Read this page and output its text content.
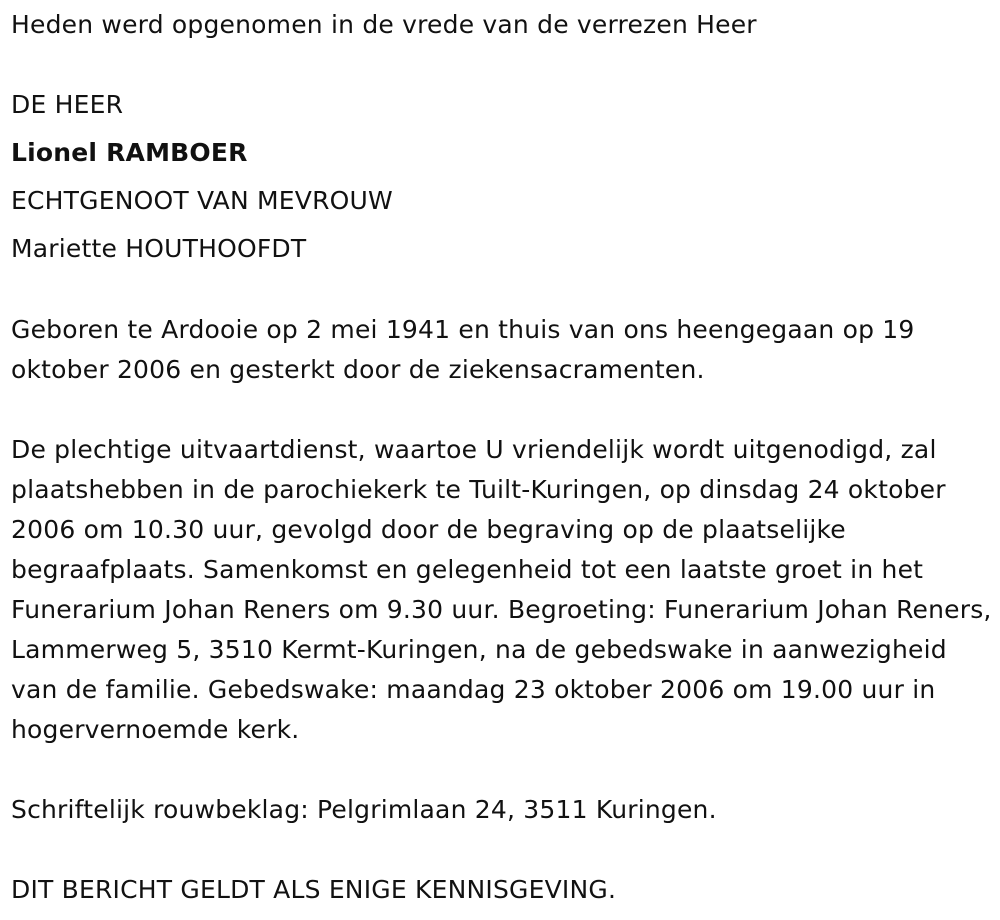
Heden werd opgenomen in de vrede van de verrezen Heer
DE HEER
Lionel RAMBOER
ECHTGENOOT VAN MEVROUW
Mariette HOUTHOOFDT
Geboren te Ardooie op 2 mei 1941 en thuis van ons heengegaan op 19 oktober 2006 en gesterkt door de ziekensacramenten.
De plechtige uitvaartdienst, waartoe U vriendelijk wordt uitgenodigd, zal plaatshebben in de parochiekerk te Tuilt-Kuringen, op dinsdag 24 oktober 2006 om 10.30 uur, gevolgd door de begraving op de plaatselijke begraafplaats. Samenkomst en gelegenheid tot een laatste groet in het Funerarium Johan Reners om 9.30 uur. Begroeting: Funerarium Johan Reners, Lammerweg 5, 3510 Kermt-Kuringen, na de gebedswake in aanwezigheid van de familie. Gebedswake: maandag 23 oktober 2006 om 19.00 uur in hogervernoemde kerk.
Schriftelijk rouwbeklag: Pelgrimlaan 24, 3511 Kuringen.
DIT BERICHT GELDT ALS ENIGE KENNISGEVING.
